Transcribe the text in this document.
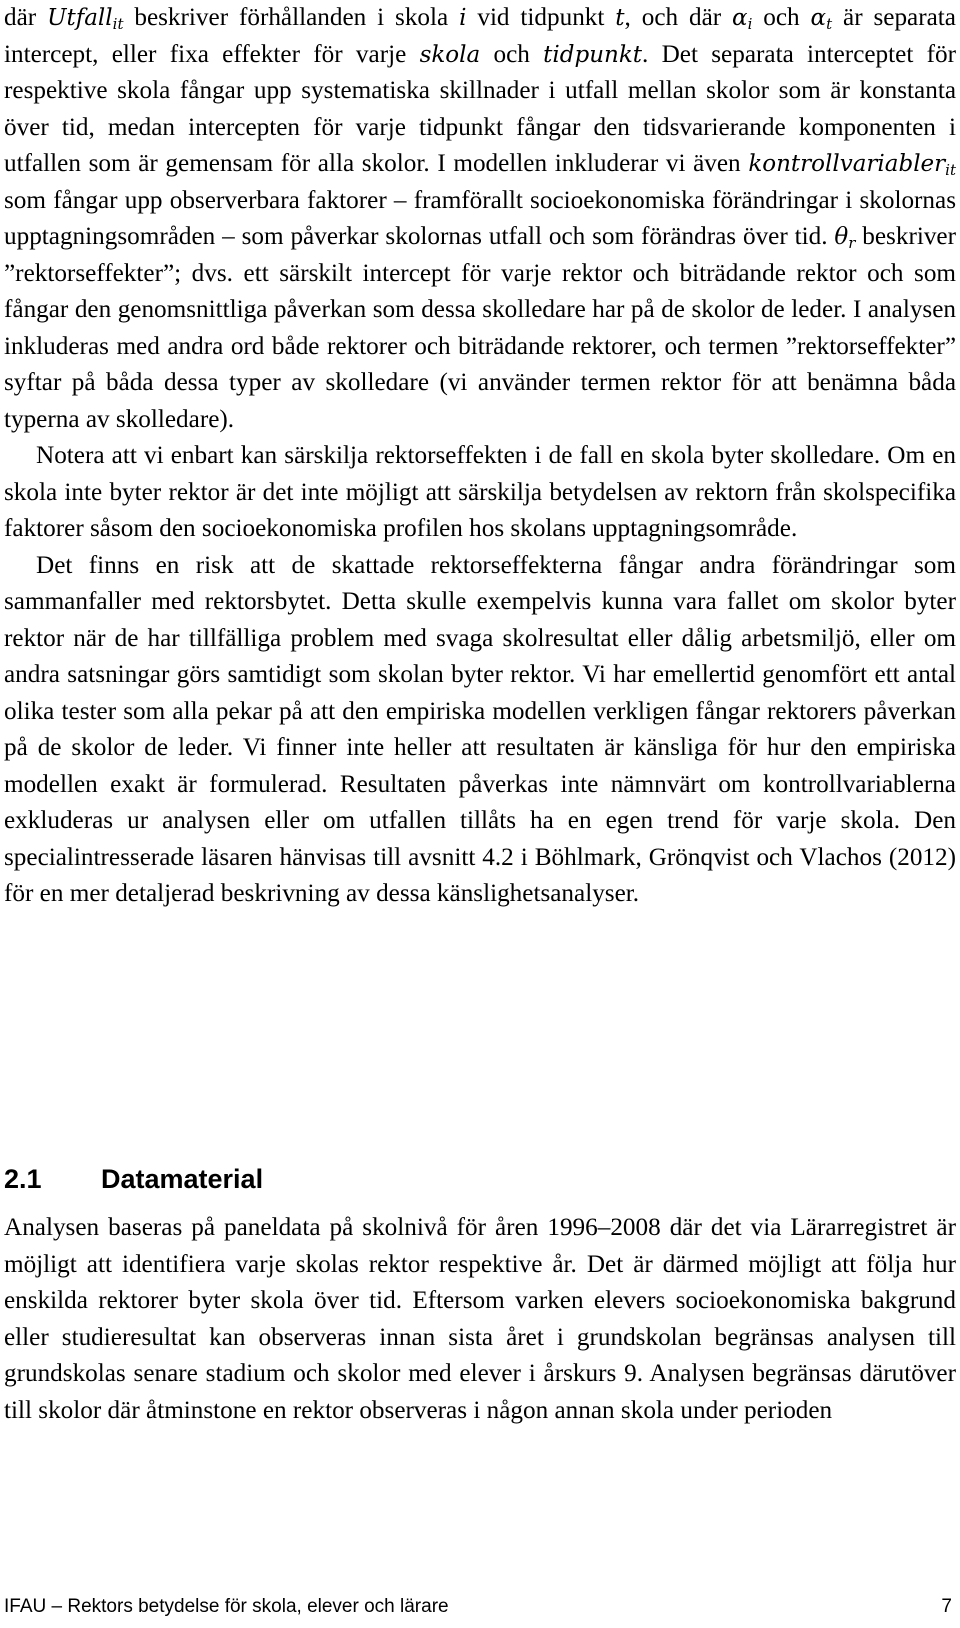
där Utfall$_{it}$ beskriver förhållanden i skola i vid tidpunkt t, och där $\alpha_i$ och $\alpha_t$ är separata intercept, eller fixa effekter för varje skola och tidpunkt. Det separata interceptet för respektive skola fångar upp systematiska skillnader i utfall mellan skolor som är konstanta över tid, medan intercepten för varje tidpunkt fångar den tidsvarierande komponenten i utfallen som är gemensam för alla skolor. I modellen inkluderar vi även kontrollvariabler$_{it}$ som fångar upp observerbara faktorer – framförallt socioekonomiska förändringar i skolornas upptagningsområden – som påverkar skolornas utfall och som förändras över tid. $\theta_r$ beskriver ”rektorseffekter”; dvs. ett särskilt intercept för varje rektor och biträdande rektor och som fångar den genomsnittliga påverkan som dessa skolledare har på de skolor de leder. I analysen inkluderas med andra ord både rektorer och biträdande rektorer, och termen ”rektorseffekter” syftar på båda dessa typer av skolledare (vi använder termen rektor för att benämna båda typerna av skolledare).

Notera att vi enbart kan särskilja rektorseffekten i de fall en skola byter skolledare. Om en skola inte byter rektor är det inte möjligt att särskilja betydelsen av rektorn från skolspecifika faktorer såsom den socioekonomiska profilen hos skolans upptagningsområde.

Det finns en risk att de skattade rektorseffekterna fångar andra förändringar som sammanfaller med rektorsbytet. Detta skulle exempelvis kunna vara fallet om skolor byter rektor när de har tillfälliga problem med svaga skolresultat eller dålig arbetsmiljö, eller om andra satsningar görs samtidigt som skolan byter rektor. Vi har emellertid genomfört ett antal olika tester som alla pekar på att den empiriska modellen verkligen fångar rektorers påverkan på de skolor de leder. Vi finner inte heller att resultaten är känsliga för hur den empiriska modellen exakt är formulerad. Resultaten påverkas inte nämnvärt om kontrollvariablerna exkluderas ur analysen eller om utfallen tillåts ha en egen trend för varje skola. Den specialintresserade läsaren hänvisas till avsnitt 4.2 i Böhlmark, Grönqvist och Vlachos (2012) för en mer detaljerad beskrivning av dessa känslighetsanalyser.

2.1 Datamaterial

Analysen baseras på paneldata på skolnivå för åren 1996–2008 där det via Lärarregistret är möjligt att identifiera varje skolas rektor respektive år. Det är därmed möjligt att följa hur enskilda rektorer byter skola över tid. Eftersom varken elevers socioekonomiska bakgrund eller studieresultat kan observeras innan sista året i grundskolan begränsas analysen till grundskolas senare stadium och skolor med elever i årskurs 9. Analysen begränsas därutöver till skolor där åtminstone en rektor observeras i någon annan skola under perioden

IFAU – Rektors betydelse för skola, elever och lärare	7
